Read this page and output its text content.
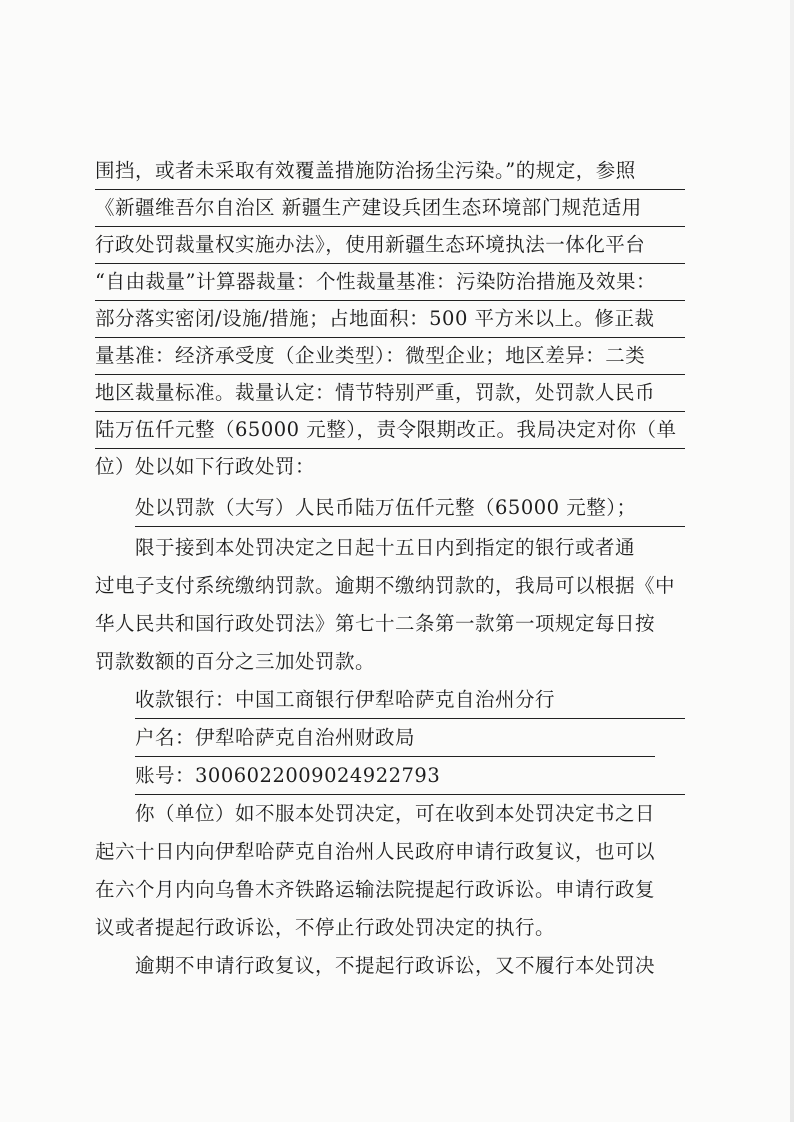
围挡，或者未采取有效覆盖措施防治扬尘污染。”的规定，参照
《新疆维吾尔自治区 新疆生产建设兵团生态环境部门规范适用
行政处罚裁量权实施办法》，使用新疆生态环境执法一体化平台
“自由裁量”计算器裁量：个性裁量基准：污染防治措施及效果：
部分落实密闭/设施/措施；占地面积：500 平方米以上。修正裁
量基准：经济承受度（企业类型）：微型企业；地区差异：二类
地区裁量标准。裁量认定：情节特别严重，罚款，处罚款人民币
陆万伍仟元整（65000 元整），责令限期改正。我局决定对你（单
位）处以如下行政处罚：
处以罚款（大写）人民币陆万伍仟元整（65000 元整）；
限于接到本处罚决定之日起十五日内到指定的银行或者通
过电子支付系统缴纳罚款。逾期不缴纳罚款的，我局可以根据《中
华人民共和国行政处罚法》第七十二条第一款第一项规定每日按
罚款数额的百分之三加处罚款。
收款银行：中国工商银行伊犁哈萨克自治州分行
户名：伊犁哈萨克自治州财政局
账号：3006022009024922793
你（单位）如不服本处罚决定，可在收到本处罚决定书之日
起六十日内向伊犁哈萨克自治州人民政府申请行政复议，也可以
在六个月内向乌鲁木齐铁路运输法院提起行政诉讼。申请行政复
议或者提起行政诉讼，不停止行政处罚决定的执行。
逾期不申请行政复议，不提起行政诉讼，又不履行本处罚决
